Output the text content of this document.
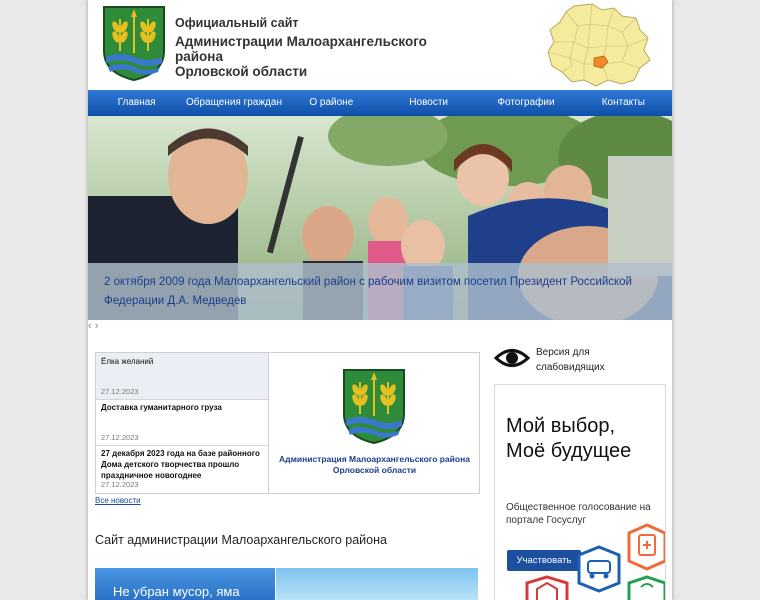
Официальный сайт
Администрации Малоархангельского
района
Орловской области
Главная	Обращения граждан	О районе	Новости	Фотографии	Контакты
2 октября 2009 года Малоархангельский район с рабочим визитом посетил Президент Российской Федерации Д.А. Медведев
‹ ›
Ёлка желаний
27.12.2023
Доставка гуманитарного груза
27.12.2023
27 декабря 2023 года на базе районного Дома детского творчества прошло праздничное новогоднее
27.12.2023
Администрация Малоархангельского района Орловской области
Все новости
Сайт администрации Малоархангельского района
Не убран мусор, яма
Версия для слабовидящих
Мой выбор, Моё будущее
Общественное голосование на портале Госуслуг
Участвовать
